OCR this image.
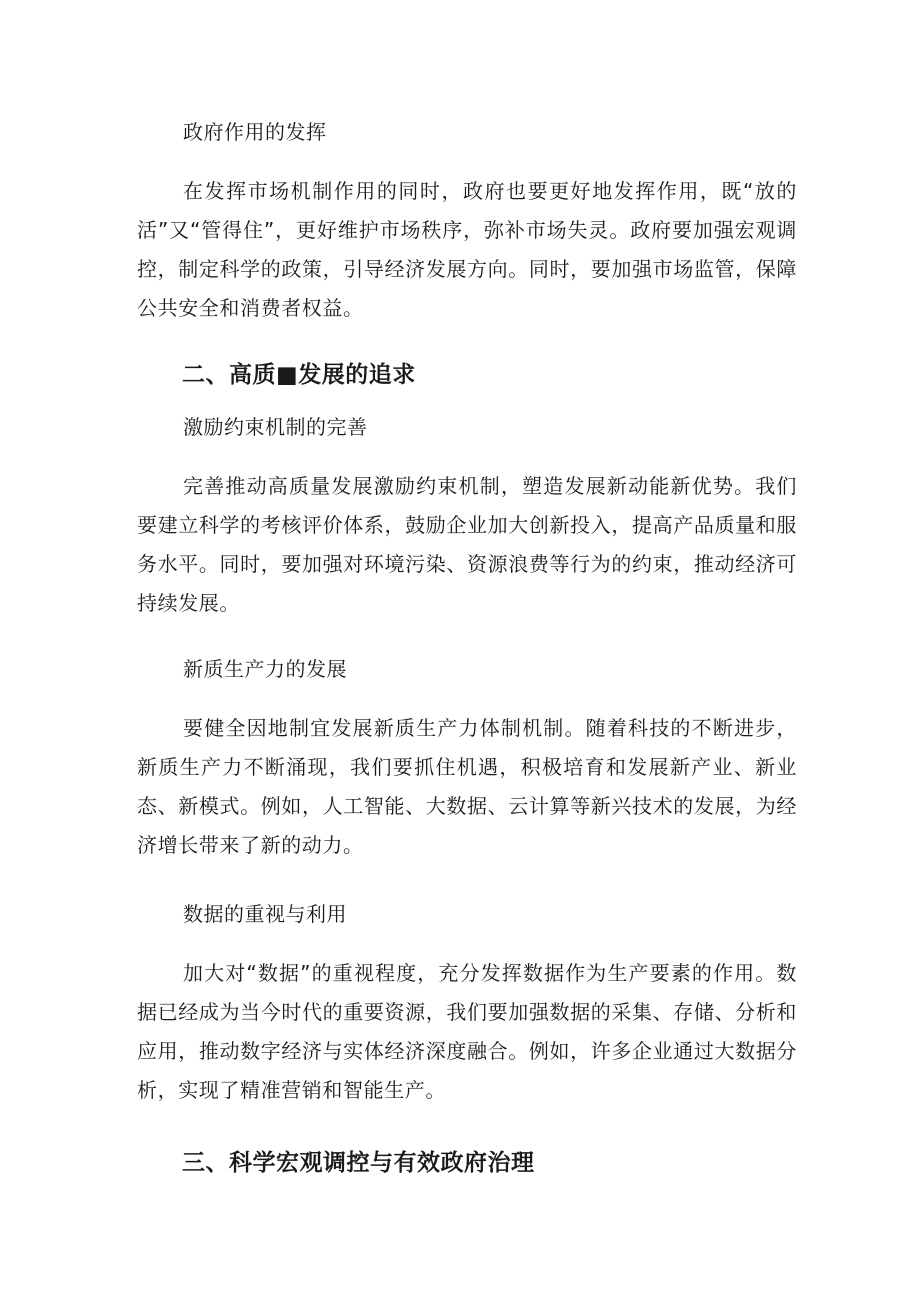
政府作用的发挥
在发挥市场机制作用的同时，政府也要更好地发挥作用，既“放的活”又“管得住”，更好维护市场秩序，弥补市场失灵。政府要加强宏观调控，制定科学的政策，引导经济发展方向。同时，要加强市场监管，保障公共安全和消费者权益。
二、高质■发展的追求
激励约束机制的完善
完善推动高质量发展激励约束机制，塑造发展新动能新优势。我们要建立科学的考核评价体系，鼓励企业加大创新投入，提高产品质量和服务水平。同时，要加强对环境污染、资源浪费等行为的约束，推动经济可持续发展。
新质生产力的发展
要健全因地制宜发展新质生产力体制机制。随着科技的不断进步，新质生产力不断涌现，我们要抓住机遇，积极培育和发展新产业、新业态、新模式。例如，人工智能、大数据、云计算等新兴技术的发展，为经济增长带来了新的动力。
数据的重视与利用
加大对“数据”的重视程度，充分发挥数据作为生产要素的作用。数据已经成为当今时代的重要资源，我们要加强数据的采集、存储、分析和应用，推动数字经济与实体经济深度融合。例如，许多企业通过大数据分析，实现了精准营销和智能生产。
三、科学宏观调控与有效政府治理
